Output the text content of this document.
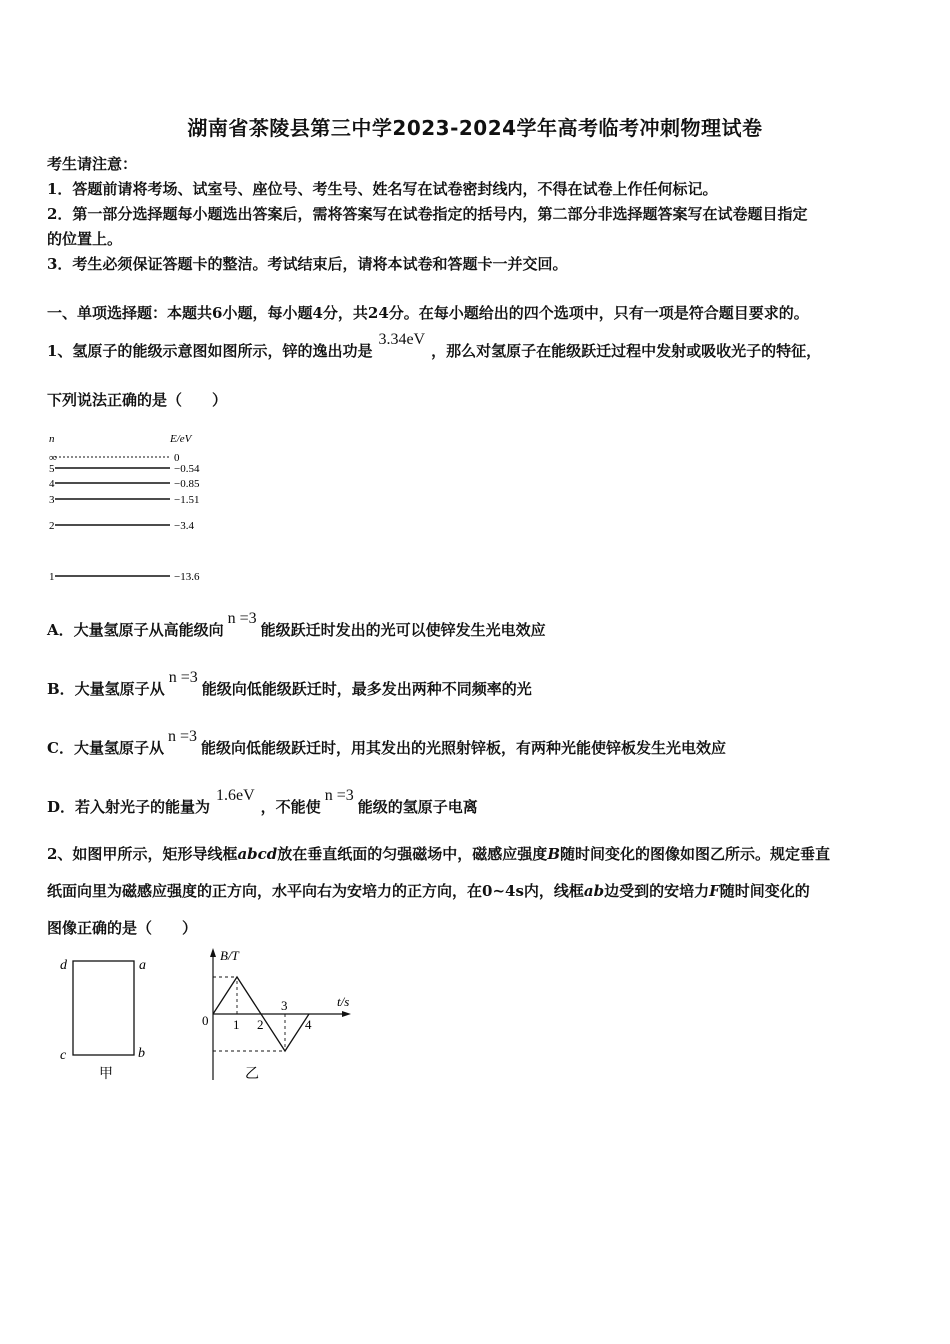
湖南省茶陵县第三中学2023-2024学年高考临考冲刺物理试卷
考生请注意：
1．答题前请将考场、试室号、座位号、考生号、姓名写在试卷密封线内，不得在试卷上作任何标记。
2．第一部分选择题每小题选出答案后，需将答案写在试卷指定的括号内，第二部分非选择题答案写在试卷题目指定
的位置上。
3．考生必须保证答题卡的整洁。考试结束后，请将本试卷和答题卡一并交回。
一、单项选择题：本题共6小题，每小题4分，共24分。在每小题给出的四个选项中，只有一项是符合题目要求的。
1、氢原子的能级示意图如图所示，锌的逸出功是3.34eV，那么对氢原子在能级跃迁过程中发射或吸收光子的特征，
下列说法正确的是（　　）
n	E/eV
∞	0
5	−0.54
4	−0.85
3	−1.51
2	−3.4
1	−13.6
A．大量氢原子从高能级向n =3能级跃迁时发出的光可以使锌发生光电效应
B．大量氢原子从n =3能级向低能级跃迁时，最多发出两种不同频率的光
C．大量氢原子从n =3能级向低能级跃迁时，用其发出的光照射锌板，有两种光能使锌板发生光电效应
D．若入射光子的能量为1.6eV，不能使n =3能级的氢原子电离
2、如图甲所示，矩形导线框abcd放在垂直纸面的匀强磁场中，磁感应强度B随时间变化的图像如图乙所示。规定垂直
纸面向里为磁感应强度的正方向，水平向右为安培力的正方向，在0~4s内，线框ab边受到的安培力F随时间变化的
图像正确的是（　　）
d	a
c	b
甲
B/T
t/s
0 1 2
3
4
乙
